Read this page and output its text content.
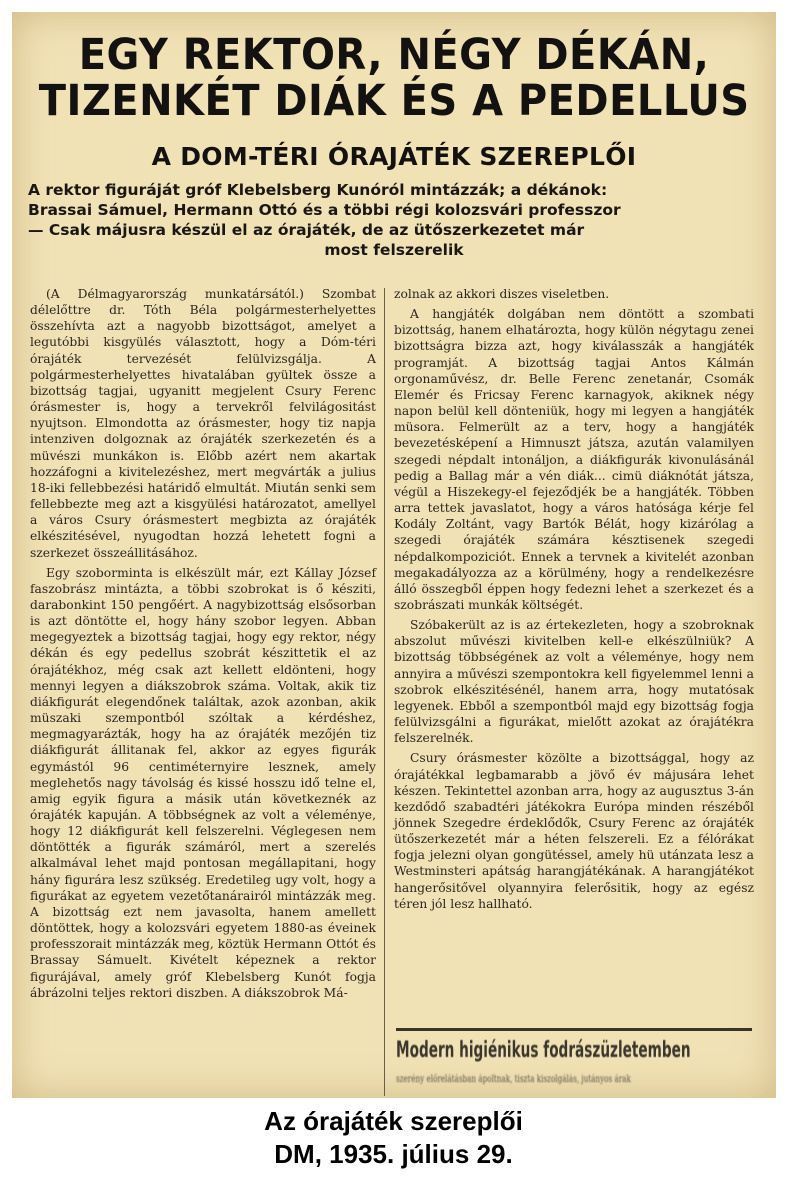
EGY REKTOR, NÉGY DÉKÁN,
TIZENKÉT DIÁK ÉS A PEDELLUS
A DOM-TÉRI ÓRAJÁTÉK SZEREPLŐI
A rektor figuráját gróf Klebelsberg Kunóról mintázzák; a dékánok:
Brassai Sámuel, Hermann Ottó és a többi régi kolozsvári professzor
— Csak májusra készül el az órajáték, de az ütőszerkezetet már
most felszerelik

(A Délmagyarország munkatársától.) Szombat délelőttre dr. Tóth Béla polgármesterhelyettes összehívta azt a nagyobb bizottságot, amelyet a legutóbbi kisgyülés választott, hogy a Dóm-téri órajáték tervezését felülvizsgálja. A polgármesterhelyettes hivatalában gyültek össze a bizottság tagjai, ugyanitt megjelent Csury Ferenc órásmester is, hogy a tervekről felvilágositást nyujtson. Elmondotta az órásmester, hogy tiz napja intenziven dolgoznak az órajáték szerkezetén és a müvészi munkákon is. Előbb azért nem akartak hozzáfogni a kivitelezéshez, mert megvárták a julius 18-iki fellebbezési határidő elmultát. Miután senki sem fellebbezte meg azt a kisgyülési határozatot, amellyel a város Csury órásmestert megbizta az órajáték elkészitésével, nyugodtan hozzá lehetett fogni a szerkezet összeállitásához.

Egy szoborminta is elkészült már, ezt Kállay József faszobrász mintázta, a többi szobrokat is ő késziti, darabonkint 150 pengőért. A nagybizottság elsősorban is azt döntötte el, hogy hány szobor legyen. Abban megegyeztek a bizottság tagjai, hogy egy rektor, négy dékán és egy pedellus szobrát készittetik el az órajátékhoz, még csak azt kellett eldönteni, hogy mennyi legyen a diákszobrok száma. Voltak, akik tiz diákfigurát elegendőnek találtak, azok azonban, akik müszaki szempontból szóltak a kérdéshez, megmagyarázták, hogy ha az órajáték mezőjén tiz diákfigurát állitanak fel, akkor az egyes figurák egymástól 96 centiméternyire lesznek, amely meglehetős nagy távolság és kissé hosszu idő telne el, amig egyik figura a másik után következnék az órajáték kapuján. A többségnek az volt a véleménye, hogy 12 diákfigurát kell felszerelni. Véglegesen nem döntötték a figurák számáról, mert a szerelés alkalmával lehet majd pontosan megállapitani, hogy hány figurára lesz szükség. Eredetileg ugy volt, hogy a figurákat az egyetem vezetőtanárairól mintázzák meg. A bizottság ezt nem javasolta, hanem amellett döntöttek, hogy a kolozsvári egyetem 1880-as éveinek professzorait mintázzák meg, köztük Hermann Ottót és Brassay Sámuelt. Kivételt képeznek a rektor figurájával, amely gróf Klebelsberg Kunót fogja ábrázolni teljes rektori diszben. A diákszobrok Má-

zolnak az akkori diszes viseletben.

A hangjáték dolgában nem döntött a szombati bizottság, hanem elhatározta, hogy külön négytagu zenei bizottságra bizza azt, hogy kiválasszák a hangjáték programját. A bizottság tagjai Antos Kálmán orgonaművész, dr. Belle Ferenc zenetanár, Csomák Elemér és Fricsay Ferenc karnagyok, akiknek négy napon belül kell dönteniük, hogy mi legyen a hangjáték müsora. Felmerült az a terv, hogy a hangjáték bevezetésképení a Himnuszt játsza, azután valamilyen szegedi népdalt intonáljon, a diákfigurák kivonulásánál pedig a Ballag már a vén diák... cimü diáknótát játsza, végül a Hiszekegy-el fejeződjék be a hangjáték. Többen arra tettek javaslatot, hogy a város hatósága kérje fel Kodály Zoltánt, vagy Bartók Bélát, hogy kizárólag a szegedi órajáték számára késztisenek szegedi népdalkompoziciót. Ennek a tervnek a kivitelét azonban megakadályozza az a körülmény, hogy a rendelkezésre álló összegből éppen hogy fedezni lehet a szerkezet és a szobrászati munkák költségét.

Szóbakerült az is az értekezleten, hogy a szobroknak abszolut művészi kivitelben kell-e elkészülniük? A bizottság többségének az volt a véleménye, hogy nem annyira a művészi szempontokra kell figyelemmel lenni a szobrok elkészitésénél, hanem arra, hogy mutatósak legyenek. Ebből a szempontból majd egy bizottság fogja felülvizsgálni a figurákat, mielőtt azokat az órajátékra felszerelnék.

Csury órásmester közölte a bizottsággal, hogy az órajátékkal legbamarabb a jövő év májusára lehet készen. Tekintettel azonban arra, hogy az augusztus 3-án kezdődő szabadtéri játékokra Európa minden részéből jönnek Szegedre érdeklődők, Csury Ferenc az órajáték ütőszerkezetét már a héten felszereli. Ez a félórákat fogja jelezni olyan gongütéssel, amely hü utánzata lesz a Westminsteri apátság harangjátékának. A harangjátékot hangerősitővel olyannyira felerősitik, hogy az egész téren jól lesz hallható.

Modern higiénikus fodrászüzletemben
szerény előrelátásban ápoltnak, tiszta kiszolgálás, jutányos árak
Az órajáték szereplői
DM, 1935. július 29.
